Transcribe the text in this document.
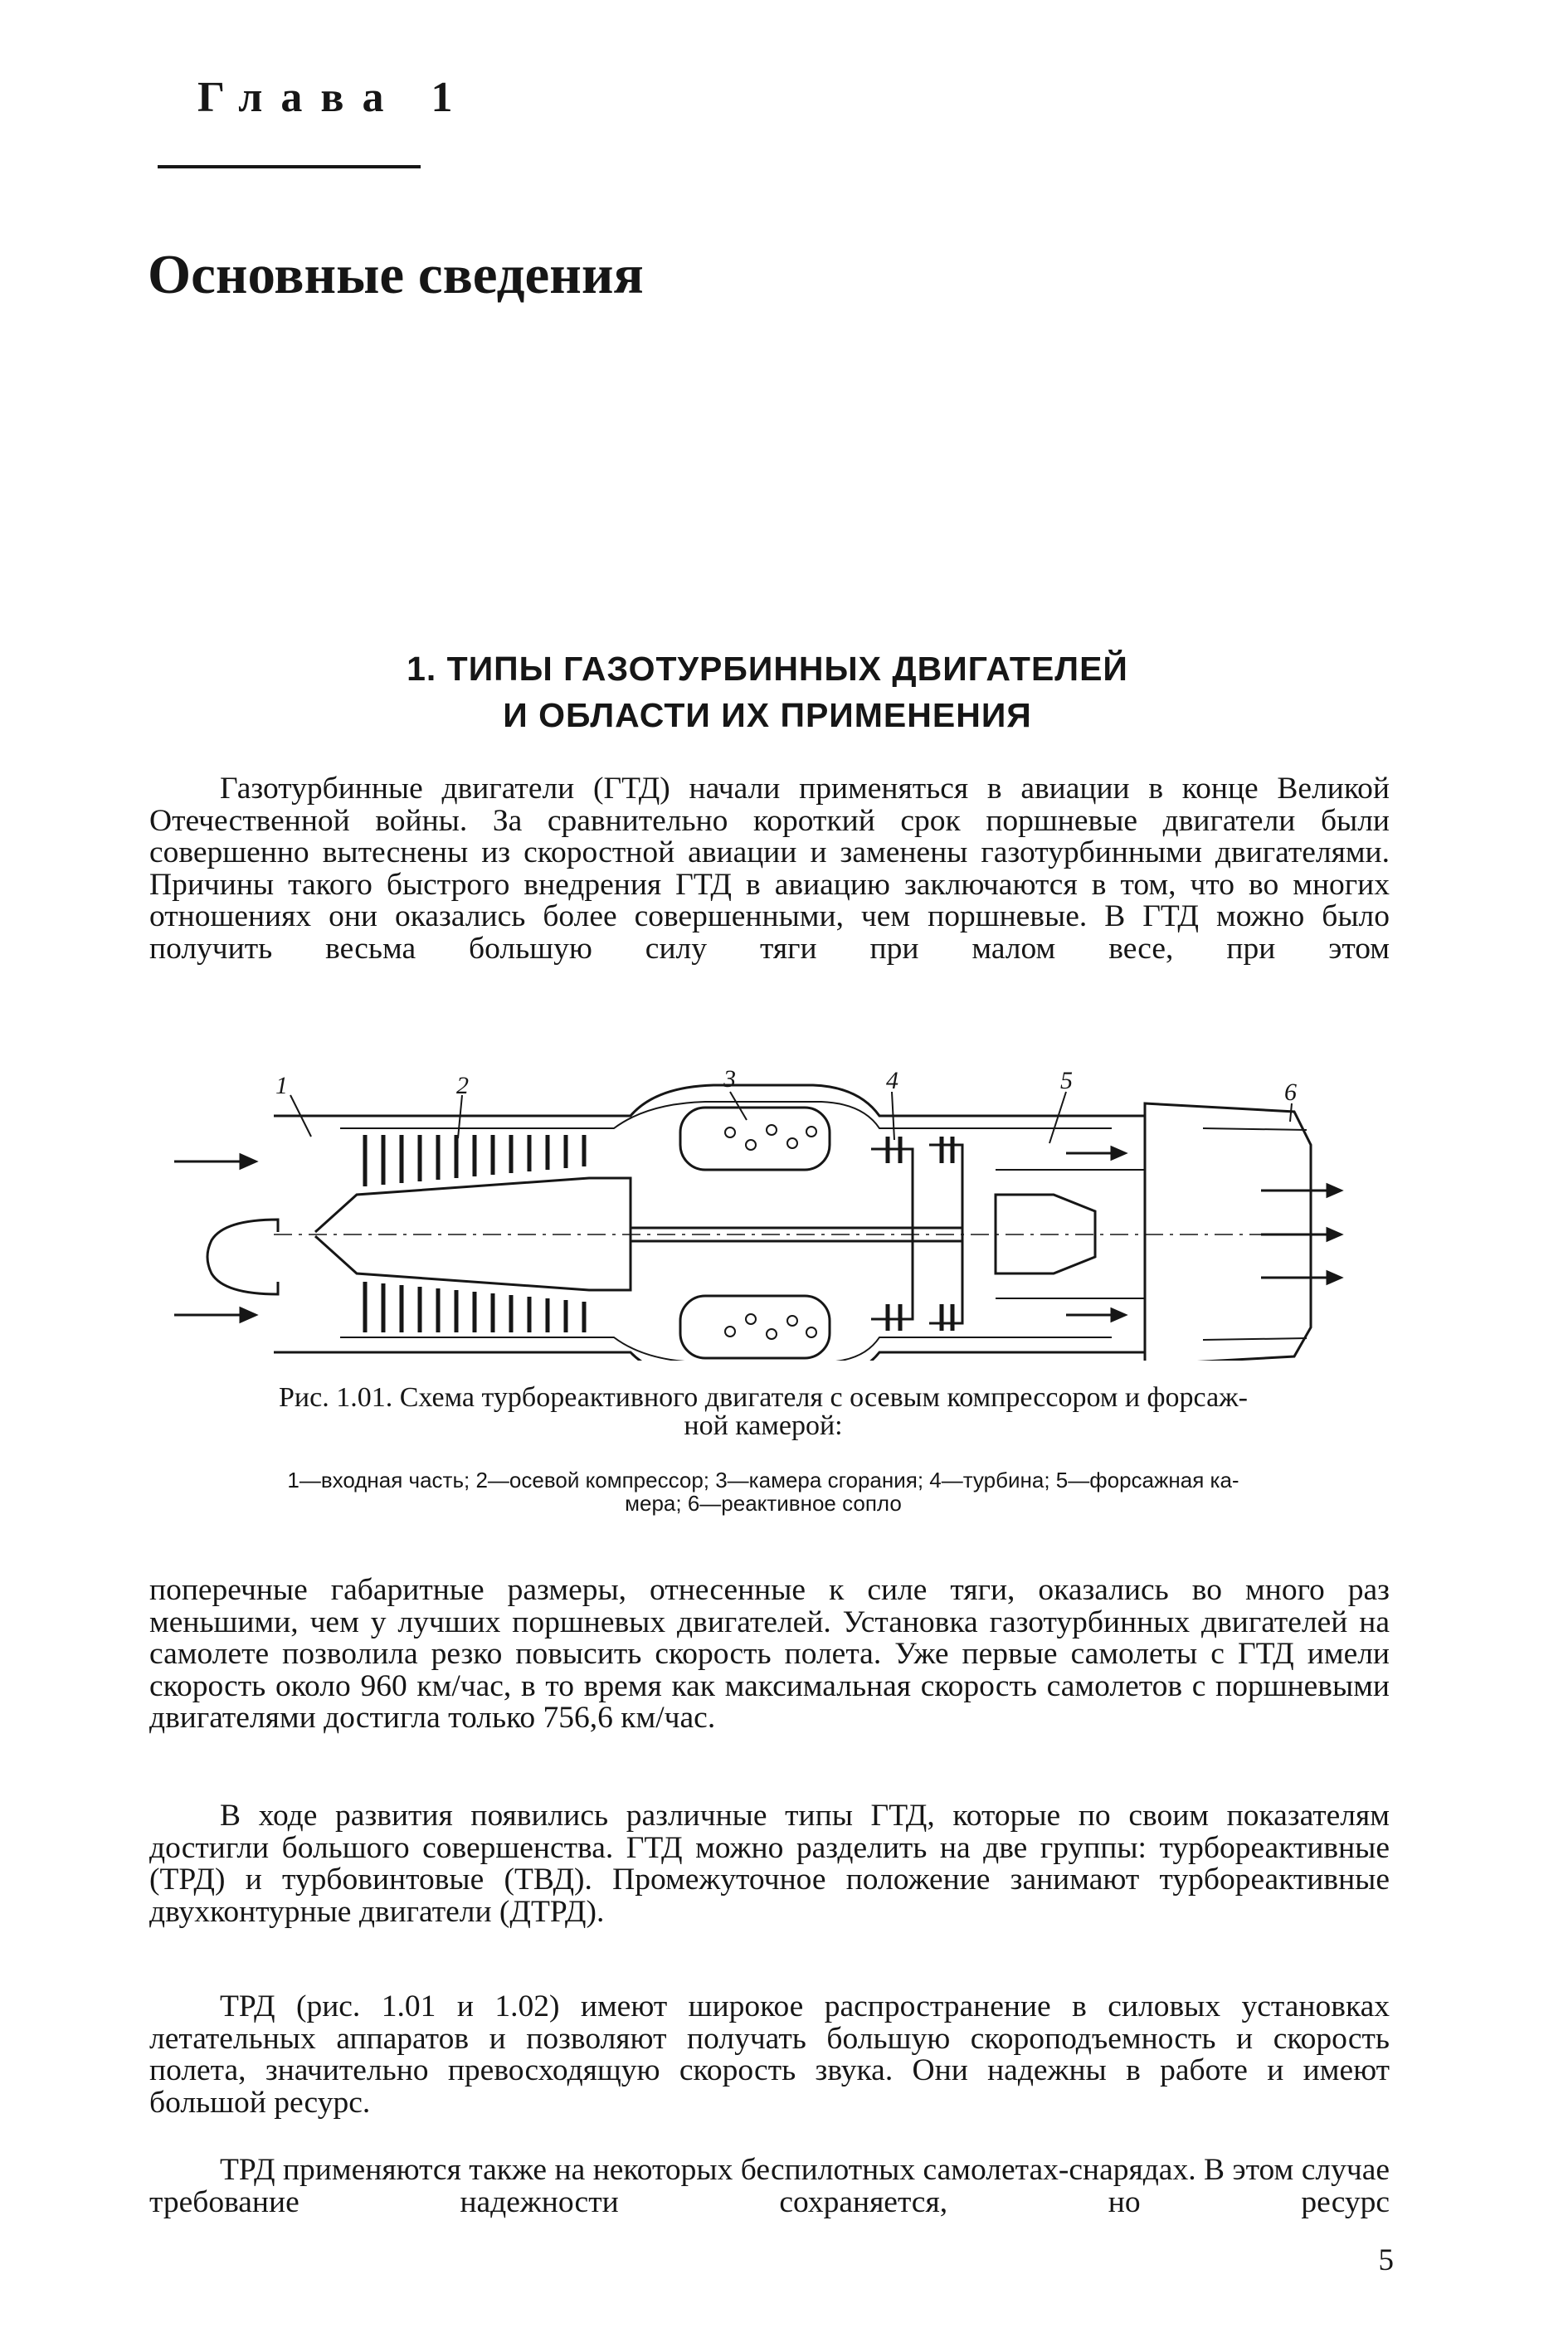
Глава 1
Основные сведения
1. ТИПЫ ГАЗОТУРБИННЫХ ДВИГАТЕЛЕЙ
И ОБЛАСТИ ИХ ПРИМЕНЕНИЯ
Газотурбинные двигатели (ГТД) начали применяться в авиации в конце Великой Отечественной войны. За сравнительно короткий срок поршневые двигатели были совершенно вытеснены из скоростной авиации и заменены газотурбинными двигателями. Причины такого быстрого внедрения ГТД в авиацию заключаются в том, что во многих отношениях они оказались более совершенными, чем поршневые. В ГТД можно было получить весьма большую силу тяги при малом весе, при этом
1	2	3	4	5	6
Рис. 1.01. Схема турбореактивного двигателя с осевым компрессором и форсаж-
ной камерой:
1—входная часть; 2—осевой компрессор; 3—камера сгорания; 4—турбина; 5—форсажная ка-
мера; 6—реактивное сопло
поперечные габаритные размеры, отнесенные к силе тяги, оказались во много раз меньшими, чем у лучших поршневых двигателей. Установка газотурбинных двигателей на самолете позволила резко повысить скорость полета. Уже первые самолеты с ГТД имели скорость около 960 км/час, в то время как максимальная скорость самолетов с поршневыми двигателями достигла только 756,6 км/час.
В ходе развития появились различные типы ГТД, которые по своим показателям достигли большого совершенства. ГТД можно разделить на две группы: турбореактивные (ТРД) и турбовинтовые (ТВД). Промежуточное положение занимают турбореактивные двухконтурные двигатели (ДТРД).
ТРД (рис. 1.01 и 1.02) имеют широкое распространение в силовых установках летательных аппаратов и позволяют получать большую скороподъемность и скорость полета, значительно превосходящую скорость звука. Они надежны в работе и имеют большой ресурс.
ТРД применяются также на некоторых беспилотных самолетах-снарядах. В этом случае требование надежности сохраняется, но ресурс
5
